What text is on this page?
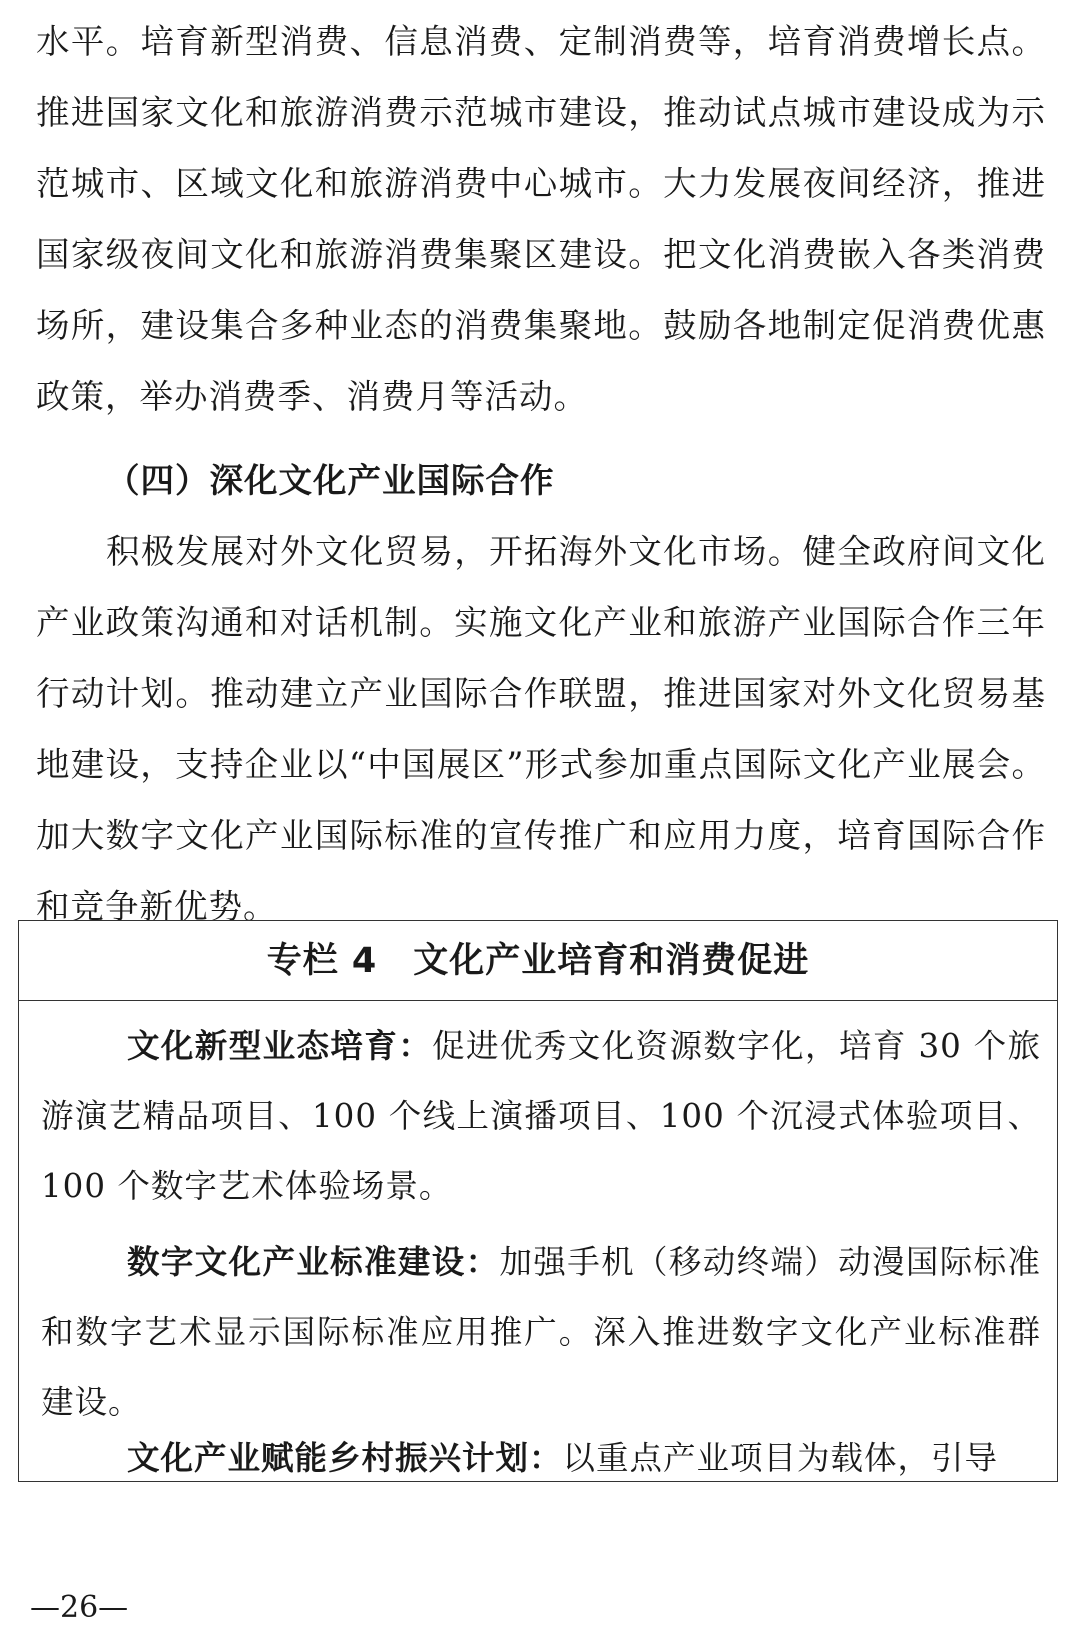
水平。培育新型消费、信息消费、定制消费等，培育消费增长点。推进国家文化和旅游消费示范城市建设，推动试点城市建设成为示范城市、区域文化和旅游消费中心城市。大力发展夜间经济，推进国家级夜间文化和旅游消费集聚区建设。把文化消费嵌入各类消费场所，建设集合多种业态的消费集聚地。鼓励各地制定促消费优惠政策，举办消费季、消费月等活动。

（四）深化文化产业国际合作

积极发展对外文化贸易，开拓海外文化市场。健全政府间文化产业政策沟通和对话机制。实施文化产业和旅游产业国际合作三年行动计划。推动建立产业国际合作联盟，推进国家对外文化贸易基地建设，支持企业以“中国展区”形式参加重点国际文化产业展会。加大数字文化产业国际标准的宣传推广和应用力度，培育国际合作和竞争新优势。

专栏 4　文化产业培育和消费促进

文化新型业态培育：促进优秀文化资源数字化，培育 30 个旅游演艺精品项目、100 个线上演播项目、100 个沉浸式体验项目、100 个数字艺术体验场景。

数字文化产业标准建设：加强手机（移动终端）动漫国际标准和数字艺术显示国际标准应用推广。深入推进数字文化产业标准群建设。

文化产业赋能乡村振兴计划：以重点产业项目为载体，引导

—26—
